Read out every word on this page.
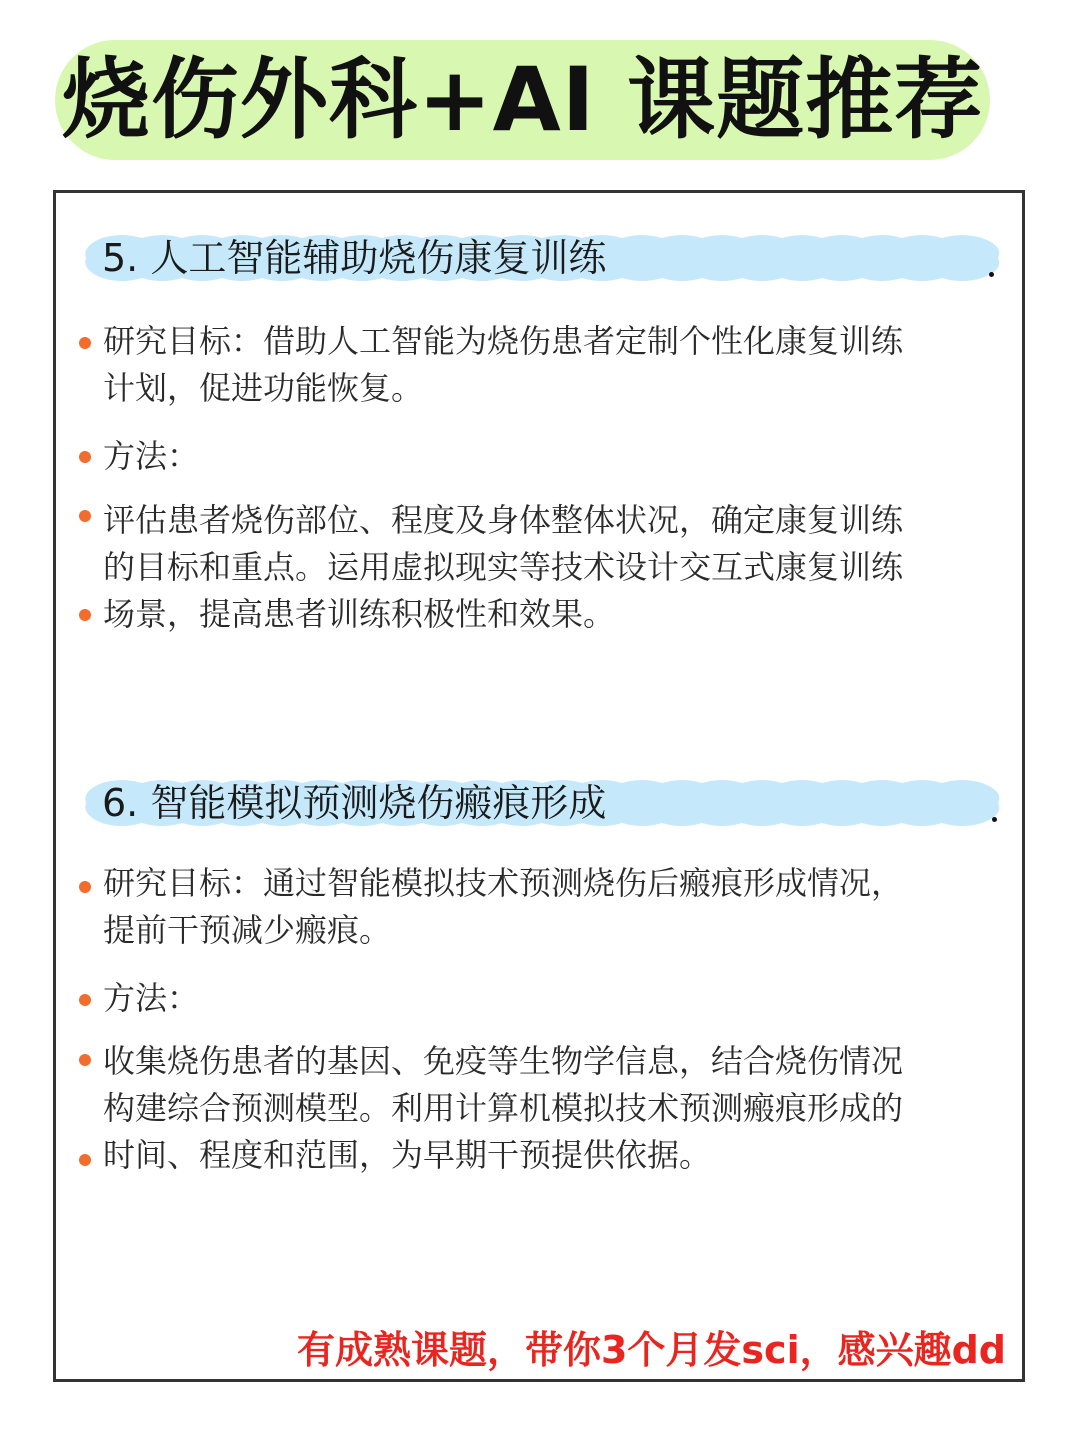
烧伤外科+AI 课题推荐
5. 人工智能辅助烧伤康复训练
研究目标：借助人工智能为烧伤患者定制个性化康复训练
计划，促进功能恢复。
方法：
评估患者烧伤部位、程度及身体整体状况，确定康复训练
的目标和重点。运用虚拟现实等技术设计交互式康复训练
场景，提高患者训练积极性和效果。
6. 智能模拟预测烧伤瘢痕形成
研究目标：通过智能模拟技术预测烧伤后瘢痕形成情况，
提前干预减少瘢痕。
方法：
收集烧伤患者的基因、免疫等生物学信息，结合烧伤情况
构建综合预测模型。利用计算机模拟技术预测瘢痕形成的
时间、程度和范围，为早期干预提供依据。
有成熟课题，带你3个月发sci，感兴趣dd
